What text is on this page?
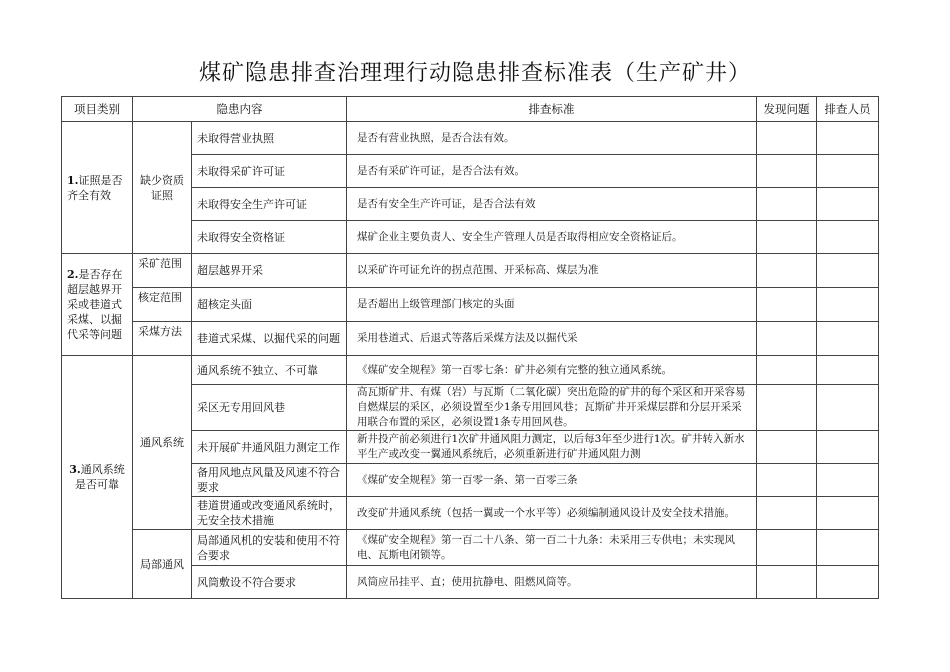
煤矿隐患排查治理理行动隐患排查标准表（生产矿井）
项目类别	隐患内容		排查标准	发现问题	排查人员
1.证照是否齐全有效	缺少资质证照	未取得营业执照	是否有营业执照，是否合法有效。		
		未取得采矿许可证	是否有采矿许可证，是否合法有效。		
		未取得安全生产许可证	是否有安全生产许可证，是否合法有效		
		未取得安全资格证	煤矿企业主要负责人、安全生产管理人员是否取得相应安全资格证后。		
2.是否存在超层越界开采或巷道式采煤、以掘代采等问题	采矿范围	超层越界开采	以采矿许可证允许的拐点范围、开采标高、煤层为准		
	核定范围	超核定头面	是否超出上级管理部门核定的头面		
	采煤方法	巷道式采煤、以掘代采的问题	采用巷道式、后退式等落后采煤方法及以掘代采		
3.通风系统是否可靠	通风系统	通风系统不独立、不可靠	《煤矿安全规程》第一百零七条：矿井必须有完整的独立通风系统。		
		采区无专用回风巷	高瓦斯矿井、有煤（岩）与瓦斯（二氧化碳）突出危险的矿井的每个采区和开采容易自燃煤层的采区，必须设置至少1条专用回风巷；瓦斯矿井开采煤层群和分层开采采用联合布置的采区，必须设置1条专用回风巷。		
		未开展矿井通风阻力测定工作	新井投产前必须进行1次矿井通风阻力测定，以后每3年至少进行1次。矿井转入新水平生产或改变一翼通风系统后，必须重新进行矿井通风阻力测		
		备用风地点风量及风速不符合要求	《煤矿安全规程》第一百零一条、第一百零三条		
		巷道贯通或改变通风系统时，无安全技术措施	改变矿井通风系统（包括一翼或一个水平等）必须编制通风设计及安全技术措施。		
	局部通风	局部通风机的安装和使用不符合要求	《煤矿安全规程》第一百二十八条、第一百二十九条：未采用三专供电；未实现风电、瓦斯电闭锁等。		
		风筒敷设不符合要求	风筒应吊挂平、直；使用抗静电、阻燃风筒等。		
